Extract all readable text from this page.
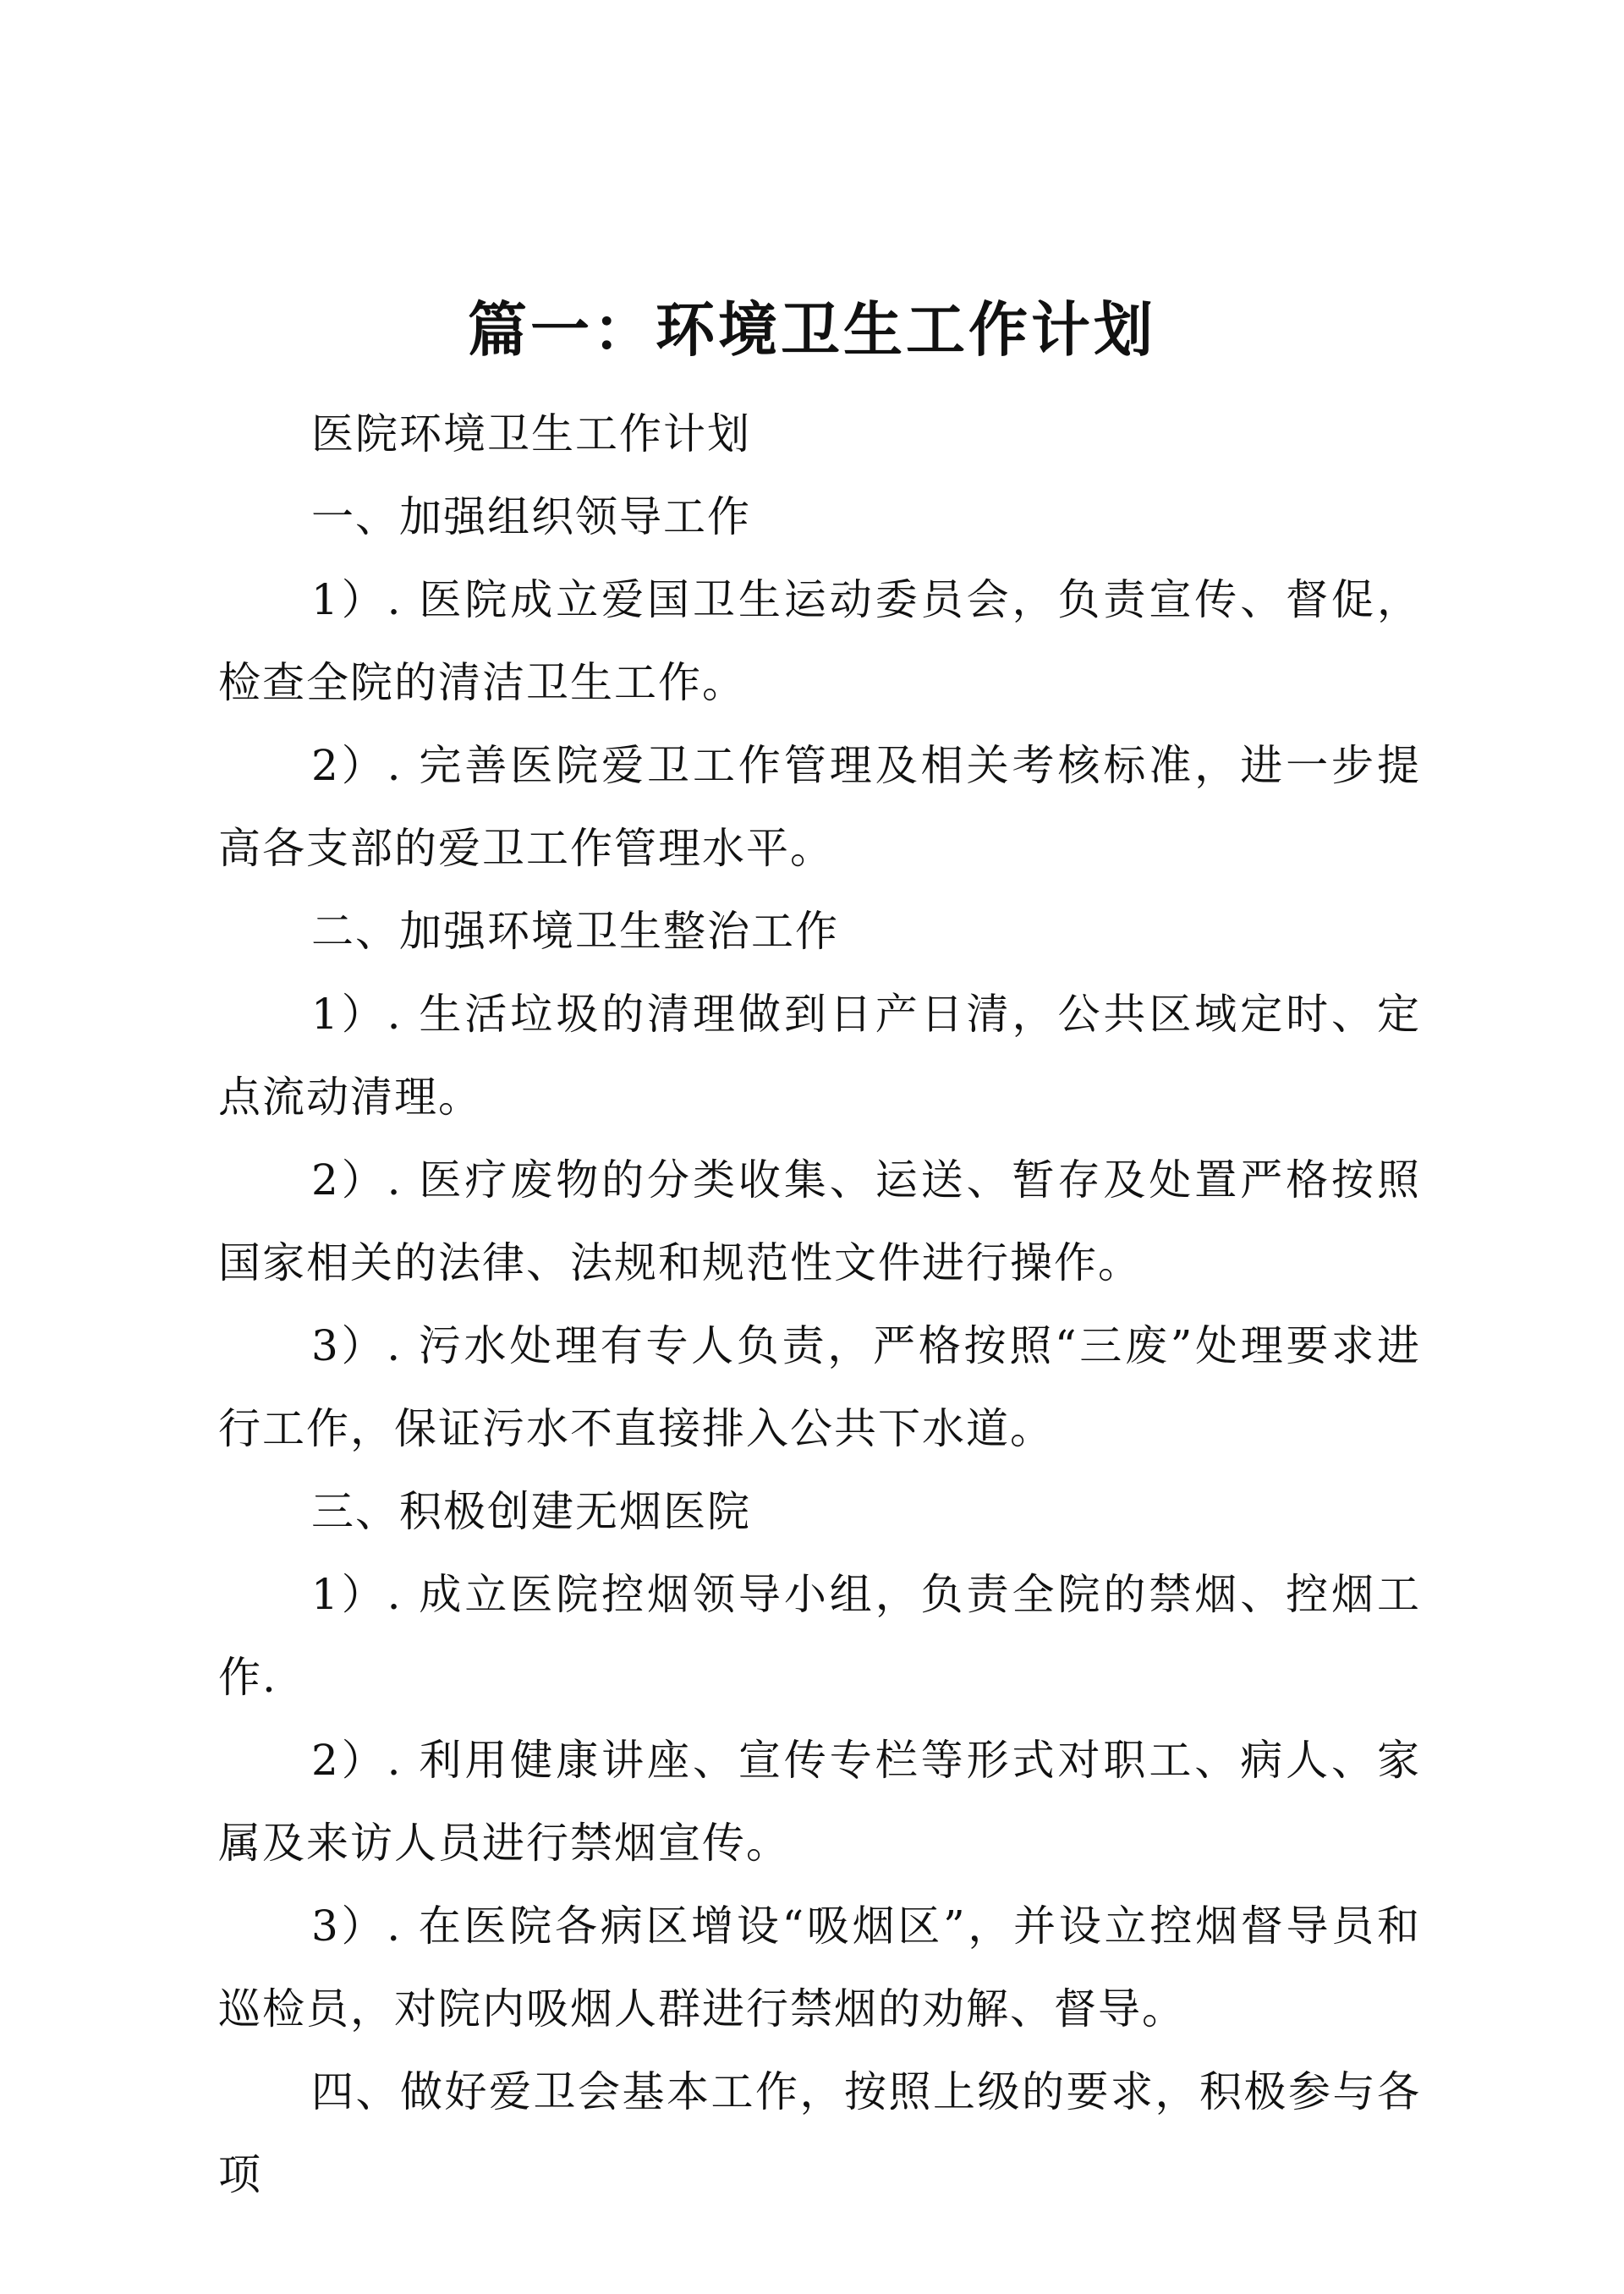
篇一：环境卫生工作计划

医院环境卫生工作计划

一、加强组织领导工作

1）. 医院成立爱国卫生运动委员会，负责宣传、督促，检查全院的清洁卫生工作。

2）. 完善医院爱卫工作管理及相关考核标准，进一步提高各支部的爱卫工作管理水平。

二、加强环境卫生整治工作

1）. 生活垃圾的清理做到日产日清，公共区域定时、定点流动清理。

2）. 医疗废物的分类收集、运送、暂存及处置严格按照国家相关的法律、法规和规范性文件进行操作。

3）. 污水处理有专人负责，严格按照“三废”处理要求进行工作，保证污水不直接排入公共下水道。

三、积极创建无烟医院

1）. 成立医院控烟领导小组，负责全院的禁烟、控烟工作.

2）. 利用健康讲座、宣传专栏等形式对职工、病人、家属及来访人员进行禁烟宣传。

3）. 在医院各病区增设“吸烟区”，并设立控烟督导员和巡检员，对院内吸烟人群进行禁烟的劝解、督导。

四、做好爱卫会基本工作，按照上级的要求，积极参与各项
